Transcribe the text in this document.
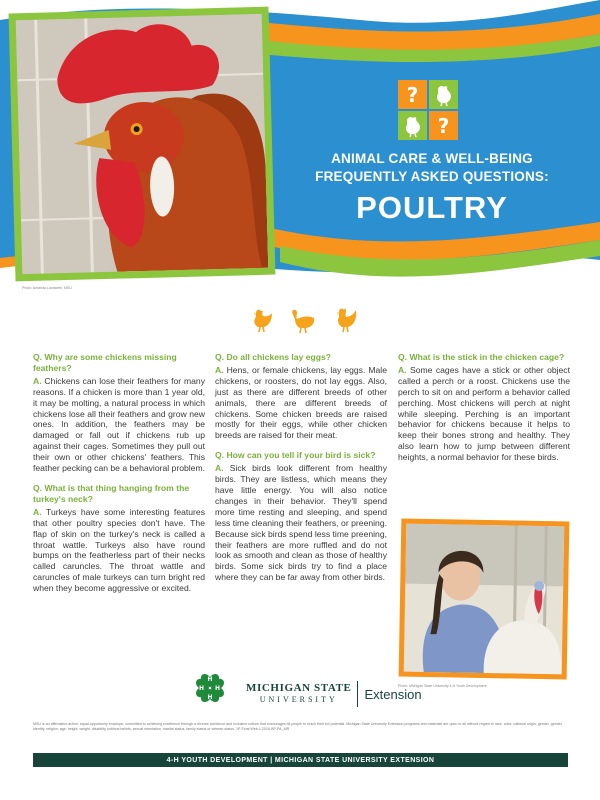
Photo: Amanda Landwehr, MSU
?
?
ANIMAL CARE & WELL-BEING
FREQUENTLY ASKED QUESTIONS:
POULTRY
Q. Why are some chickens missing feathers?
A. Chickens can lose their feathers for many reasons. If a chicken is more than 1 year old, it may be molting, a natural process in which chickens lose all their feathers and grow new ones. In addition, the feathers may be damaged or fall out if chickens rub up against their cages. Sometimes they pull out their own or other chickens' feathers. This feather pecking can be a behavioral problem.
Q. What is that thing hanging from the turkey's neck?
A. Turkeys have some interesting features that other poultry species don't have. The flap of skin on the turkey's neck is called a throat wattle. Turkeys also have round bumps on the featherless part of their necks called caruncles. The throat wattle and caruncles of male turkeys can turn bright red when they become aggressive or excited.
Q. Do all chickens lay eggs?
A. Hens, or female chickens, lay eggs. Male chickens, or roosters, do not lay eggs. Also, just as there are different breeds of other animals, there are different breeds of chickens. Some chicken breeds are raised mostly for their eggs, while other chicken breeds are raised for their meat.
Q. How can you tell if your bird is sick?
A. Sick birds look different from healthy birds. They are listless, which means they have little energy. You will also notice changes in their behavior. They'll spend more time resting and sleeping, and spend less time cleaning their feathers, or preening. Because sick birds spend less time preening, their feathers are more ruffled and do not look as smooth and clean as those of healthy birds. Some sick birds try to find a place where they can be far away from other birds.
Q. What is the stick in the chicken cage?
A. Some cages have a stick or other object called a perch or a roost. Chickens use the perch to sit on and perform a behavior called perching. Most chickens will perch at night while sleeping. Perching is an important behavior for chickens because it helps to keep their bones strong and healthy. They also learn how to jump between different heights, a normal behavior for these birds.
Photo: Michigan State University 4-H Youth Development
H
H
H
H	MICHIGAN STATE
UNIVERSITY	Extension
MSU is an affirmative-action, equal-opportunity employer, committed to achieving excellence through a diverse workforce and inclusive culture that encourages all people to reach their full potential. Michigan State University Extension programs and materials are open to all without regard to race, color, national origin, gender, gender identity, religion, age, height, weight, disability, political beliefs, sexual orientation, marital status, family status or veteran status. 1P-Final Web-1:2016-BP-PA_MR
4-H YOUTH DEVELOPMENT | MICHIGAN STATE UNIVERSITY EXTENSION
